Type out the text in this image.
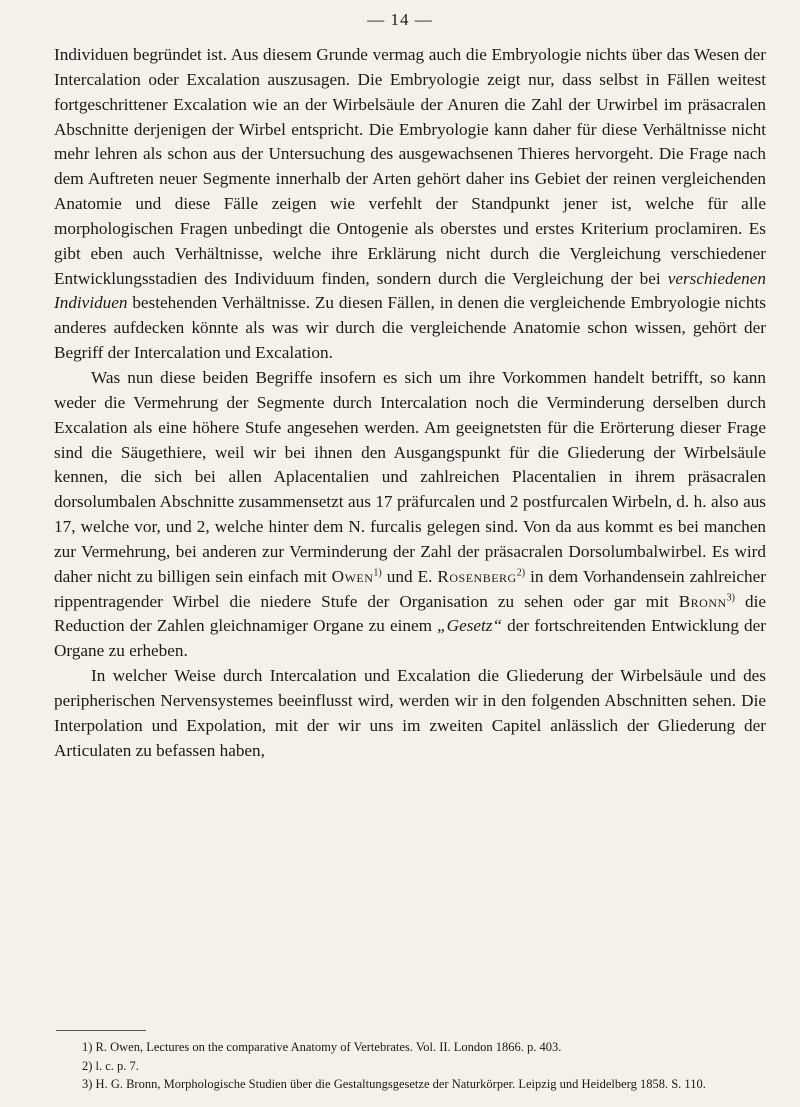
— 14 —

Individuen begründet ist. Aus diesem Grunde vermag auch die Embryologie nichts über das Wesen der Intercalation oder Excalation auszusagen. Die Embryologie zeigt nur, dass selbst in Fällen weitest fortgeschrittener Excalation wie an der Wirbelsäule der Anuren die Zahl der Urwirbel im präsacralen Abschnitte derjenigen der Wirbel entspricht. Die Embryologie kann daher für diese Verhältnisse nicht mehr lehren als schon aus der Untersuchung des ausgewachsenen Thieres hervorgeht. Die Frage nach dem Auftreten neuer Segmente innerhalb der Arten gehört daher ins Gebiet der reinen vergleichenden Anatomie und diese Fälle zeigen wie verfehlt der Standpunkt jener ist, welche für alle morphologischen Fragen unbedingt die Ontogenie als oberstes und erstes Kriterium proclamiren. Es gibt eben auch Verhältnisse, welche ihre Erklärung nicht durch die Vergleichung verschiedener Entwicklungsstadien des Individuum finden, sondern durch die Vergleichung der bei verschiedenen Individuen bestehenden Verhältnisse. Zu diesen Fällen, in denen die vergleichende Embryologie nichts anderes aufdecken könnte als was wir durch die vergleichende Anatomie schon wissen, gehört der Begriff der Intercalation und Excalation.

Was nun diese beiden Begriffe insofern es sich um ihre Vorkommen handelt betrifft, so kann weder die Vermehrung der Segmente durch Intercalation noch die Verminderung derselben durch Excalation als eine höhere Stufe angesehen werden. Am geeignetsten für die Erörterung dieser Frage sind die Säugethiere, weil wir bei ihnen den Ausgangspunkt für die Gliederung der Wirbelsäule kennen, die sich bei allen Aplacentalien und zahlreichen Placentalien in ihrem präsacralen dorsolumbalen Abschnitte zusammensetzt aus 17 präfurcalen und 2 postfurcalen Wirbeln, d. h. also aus 17, welche vor, und 2, welche hinter dem N. furcalis gelegen sind. Von da aus kommt es bei manchen zur Vermehrung, bei anderen zur Verminderung der Zahl der präsacralen Dorsolumbalwirbel. Es wird daher nicht zu billigen sein einfach mit Owen$^{1)}$ und E. Rosenberg$^{2)}$ in dem Vorhandensein zahlreicher rippentragender Wirbel die niedere Stufe der Organisation zu sehen oder gar mit Bronn$^{3)}$ die Reduction der Zahlen gleichnamiger Organe zu einem „Gesetz“ der fortschreitenden Entwicklung der Organe zu erheben.

In welcher Weise durch Intercalation und Excalation die Gliederung der Wirbelsäule und des peripherischen Nervensystemes beeinflusst wird, werden wir in den folgenden Abschnitten sehen. Die Interpolation und Expolation, mit der wir uns im zweiten Capitel anlässlich der Gliederung der Articulaten zu befassen haben,

1) R. Owen, Lectures on the comparative Anatomy of Vertebrates. Vol. II. London 1866. p. 403.

2) l. c. p. 7.

3) H. G. Bronn, Morphologische Studien über die Gestaltungsgesetze der Naturkörper. Leipzig und Heidelberg 1858. S. 110.
